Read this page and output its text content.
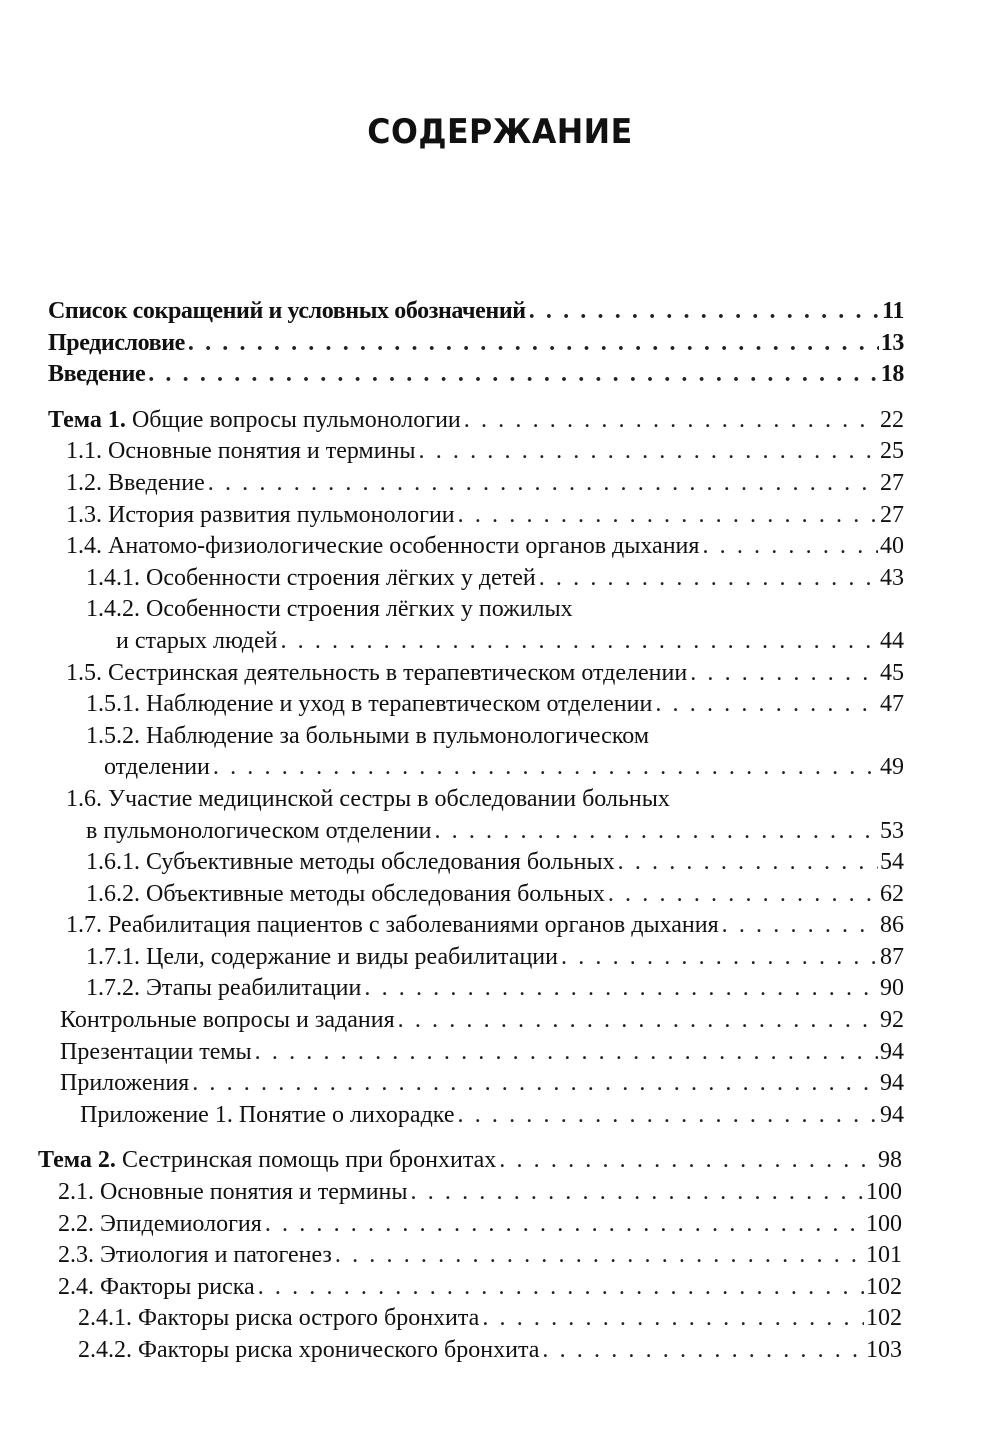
СОДЕРЖАНИЕ
Список сокращений и условных обозначений . . .	11
Предисловие . . .	13
Введение . . .	18
Тема 1. Общие вопросы пульмонологии . . .	22
1.1. Основные понятия и термины . . .	25
1.2. Введение . . .	27
1.3. История развития пульмонологии . . .	27
1.4. Анатомо-физиологические особенности органов дыхания . . .	40
1.4.1. Особенности строения лёгких у детей . . .	43
1.4.2. Особенности строения лёгких у пожилых
и старых людей . . .	44
1.5. Сестринская деятельность в терапевтическом отделении . . .	45
1.5.1. Наблюдение и уход в терапевтическом отделении . . .	47
1.5.2. Наблюдение за больными в пульмонологическом
отделении . . .	49
1.6. Участие медицинской сестры в обследовании больных
в пульмонологическом отделении . . .	53
1.6.1. Субъективные методы обследования больных . . .	54
1.6.2. Объективные методы обследования больных . . .	62
1.7. Реабилитация пациентов с заболеваниями органов дыхания . . .	86
1.7.1. Цели, содержание и виды реабилитации . . .	87
1.7.2. Этапы реабилитации . . .	90
Контрольные вопросы и задания . . .	92
Презентации темы . . .	94
Приложения . . .	94
Приложение 1. Понятие о лихорадке . . .	94
Тема 2. Сестринская помощь при бронхитах . . .	98
2.1. Основные понятия и термины . . .	100
2.2. Эпидемиология . . .	100
2.3. Этиология и патогенез . . .	101
2.4. Факторы риска . . .	102
2.4.1. Факторы риска острого бронхита . . .	102
2.4.2. Факторы риска хронического бронхита . . .	103
